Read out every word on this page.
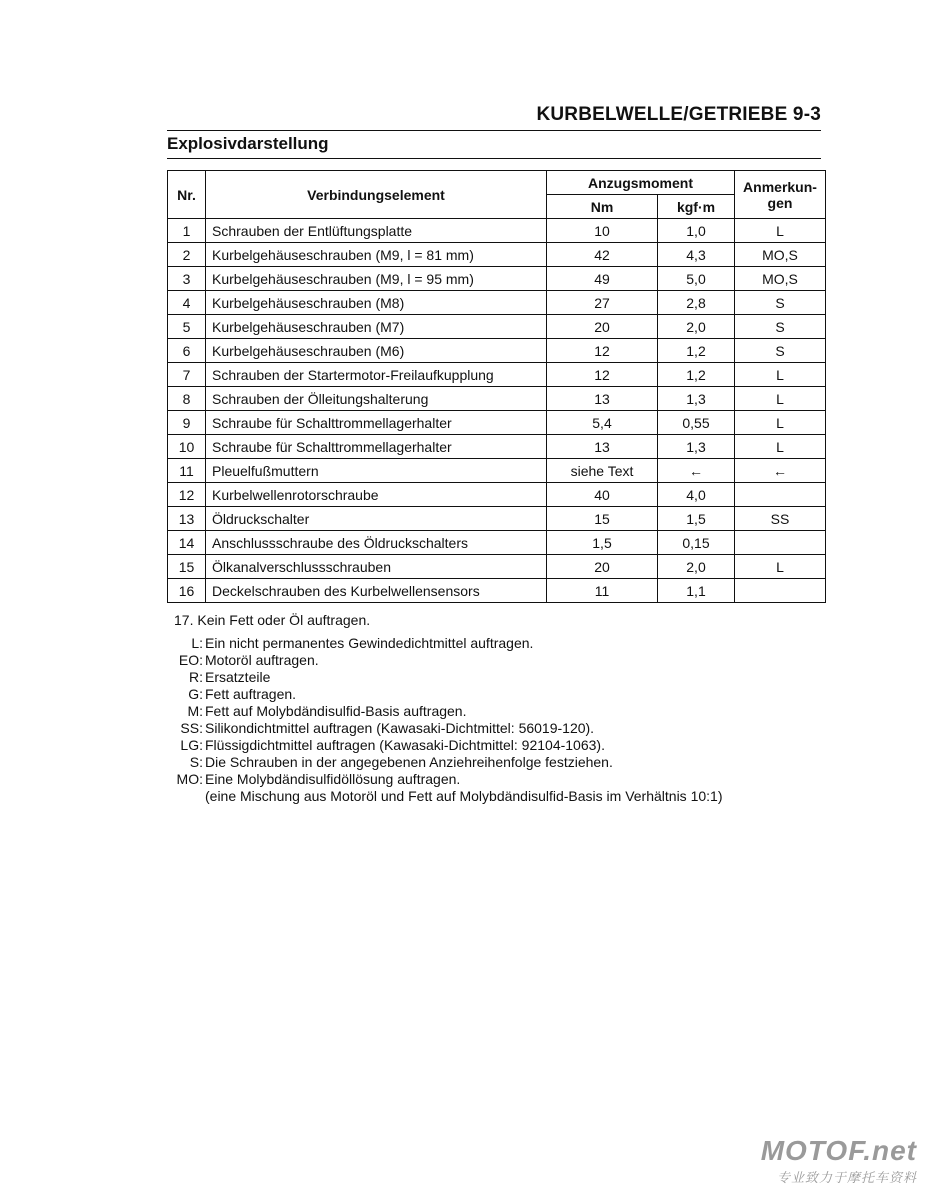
KURBELWELLE/GETRIEBE 9-3
Explosivdarstellung
Nr.	Verbindungselement	Anzugsmoment		Anmerkun-
gen

		Nm	kgf·m	
1	Schrauben der Entlüftungsplatte	10	1,0	L
2	Kurbelgehäuseschrauben (M9, l = 81 mm)	42	4,3	MO,S
3	Kurbelgehäuseschrauben (M9, l = 95 mm)	49	5,0	MO,S
4	Kurbelgehäuseschrauben (M8)	27	2,8	S
5	Kurbelgehäuseschrauben (M7)	20	2,0	S
6	Kurbelgehäuseschrauben (M6)	12	1,2	S
7	Schrauben der Startermotor-Freilaufkupplung	12	1,2	L
8	Schrauben der Ölleitungshalterung	13	1,3	L
9	Schraube für Schalttrommellagerhalter	5,4	0,55	L
10	Schraube für Schalttrommellagerhalter	13	1,3	L
11	Pleuelfußmuttern	siehe Text	←	←
12	Kurbelwellenrotorschraube	40	4,0	
13	Öldruckschalter	15	1,5	SS
14	Anschlussschraube des Öldruckschalters	1,5	0,15	
15	Ölkanalverschlussschrauben	20	2,0	L
16	Deckelschrauben des Kurbelwellensensors	11	1,1	
17. Kein Fett oder Öl auftragen.
L: Ein nicht permanentes Gewindedichtmittel auftragen.
EO: Motoröl auftragen.
R: Ersatzteile
G: Fett auftragen.
M: Fett auf Molybdändisulfid-Basis auftragen.
SS: Silikondichtmittel auftragen (Kawasaki-Dichtmittel: 56019-120).
LG: Flüssigdichtmittel auftragen (Kawasaki-Dichtmittel: 92104-1063).
S: Die Schrauben in der angegebenen Anziehreihenfolge festziehen.
MO: Eine Molybdändisulfidöllösung auftragen.
(eine Mischung aus Motoröl und Fett auf Molybdändisulfid-Basis im Verhältnis 10:1)
MOTOF.net
专业致力于摩托车资料
